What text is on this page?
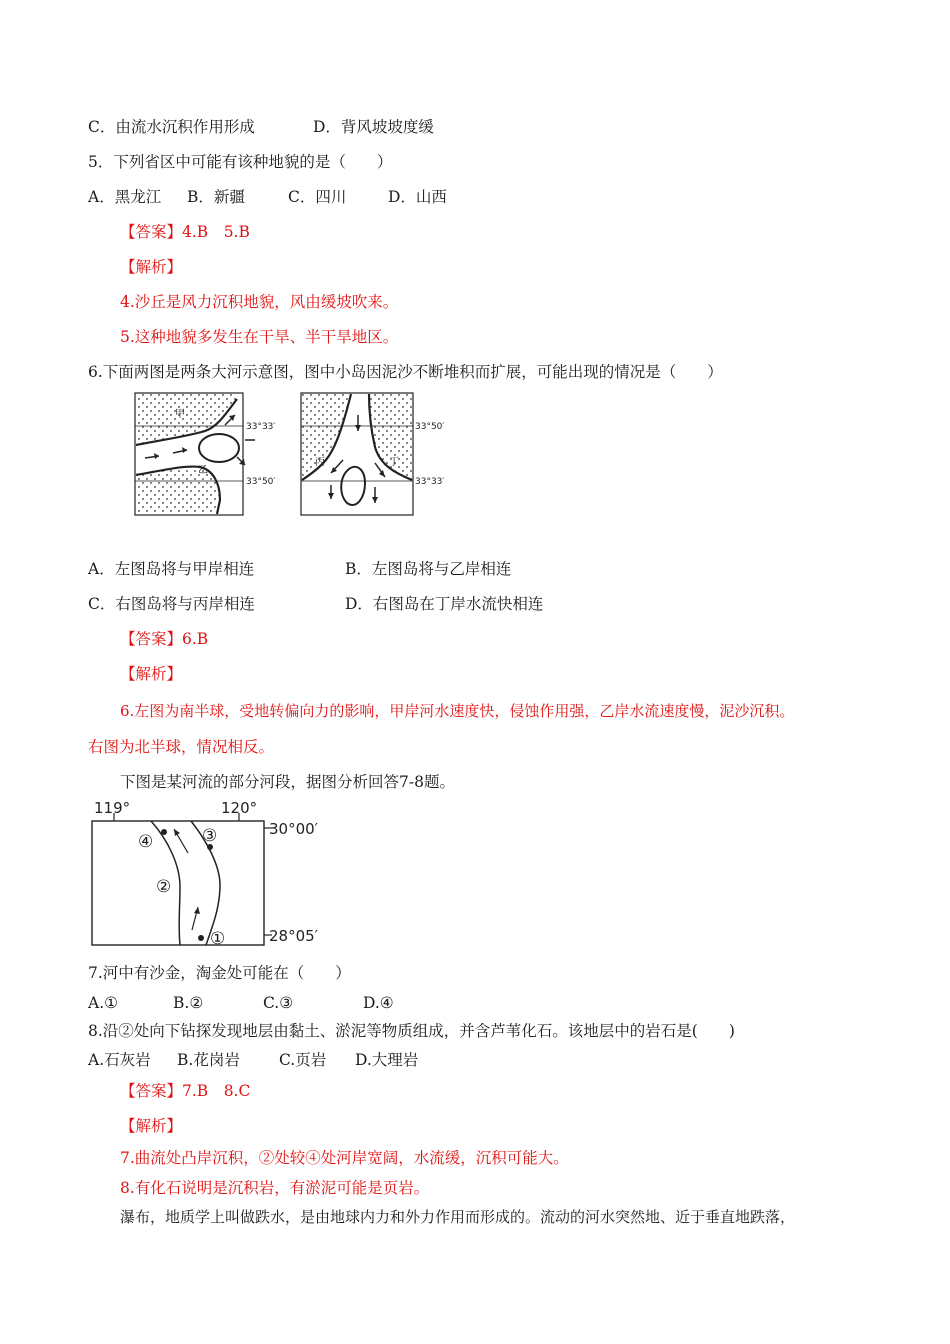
C．由流水沉积作用形成	D．背风坡坡度缓
5．下列省区中可能有该种地貌的是（　　）
A．黑龙江 B．新疆	C．四川	D．山西
【答案】4.B　5.B
【解析】
4.沙丘是风力沉积地貌，风由缓坡吹来。
5.这种地貌多发生在干旱、半干旱地区。
6.下面两图是两条大河示意图，图中小岛因泥沙不断堆积而扩展，可能出现的情况是（　　）
甲
乙
33°33′
33°50′
丙	丁
33°50′
33°33′
A．左图岛将与甲岸相连	B．左图岛将与乙岸相连
C．右图岛将与丙岸相连	D．右图岛在丁岸水流快相连
【答案】6.B
【解析】
6.左图为南半球，受地转偏向力的影响，甲岸河水速度快，侵蚀作用强，乙岸水流速度慢，泥沙沉积。
右图为北半球，情况相反。
下图是某河流的部分河段，据图分析回答7-8题。
119°	120°
30°00′
28°05′
④	③
②
①
7.河中有沙金，淘金处可能在（　　）
A.①	B.②	C.③	D.④
8.沿②处向下钻探发现地层由黏土、淤泥等物质组成，并含芦苇化石。该地层中的岩石是(　　)
A.石灰岩 B.花岗岩	C.页岩 D.大理岩
【答案】7.B　8.C
【解析】
7.曲流处凸岸沉积，②处较④处河岸宽阔，水流缓，沉积可能大。
8.有化石说明是沉积岩，有淤泥可能是页岩。
瀑布，地质学上叫做跌水，是由地球内力和外力作用而形成的。流动的河水突然地、近于垂直地跌落，
